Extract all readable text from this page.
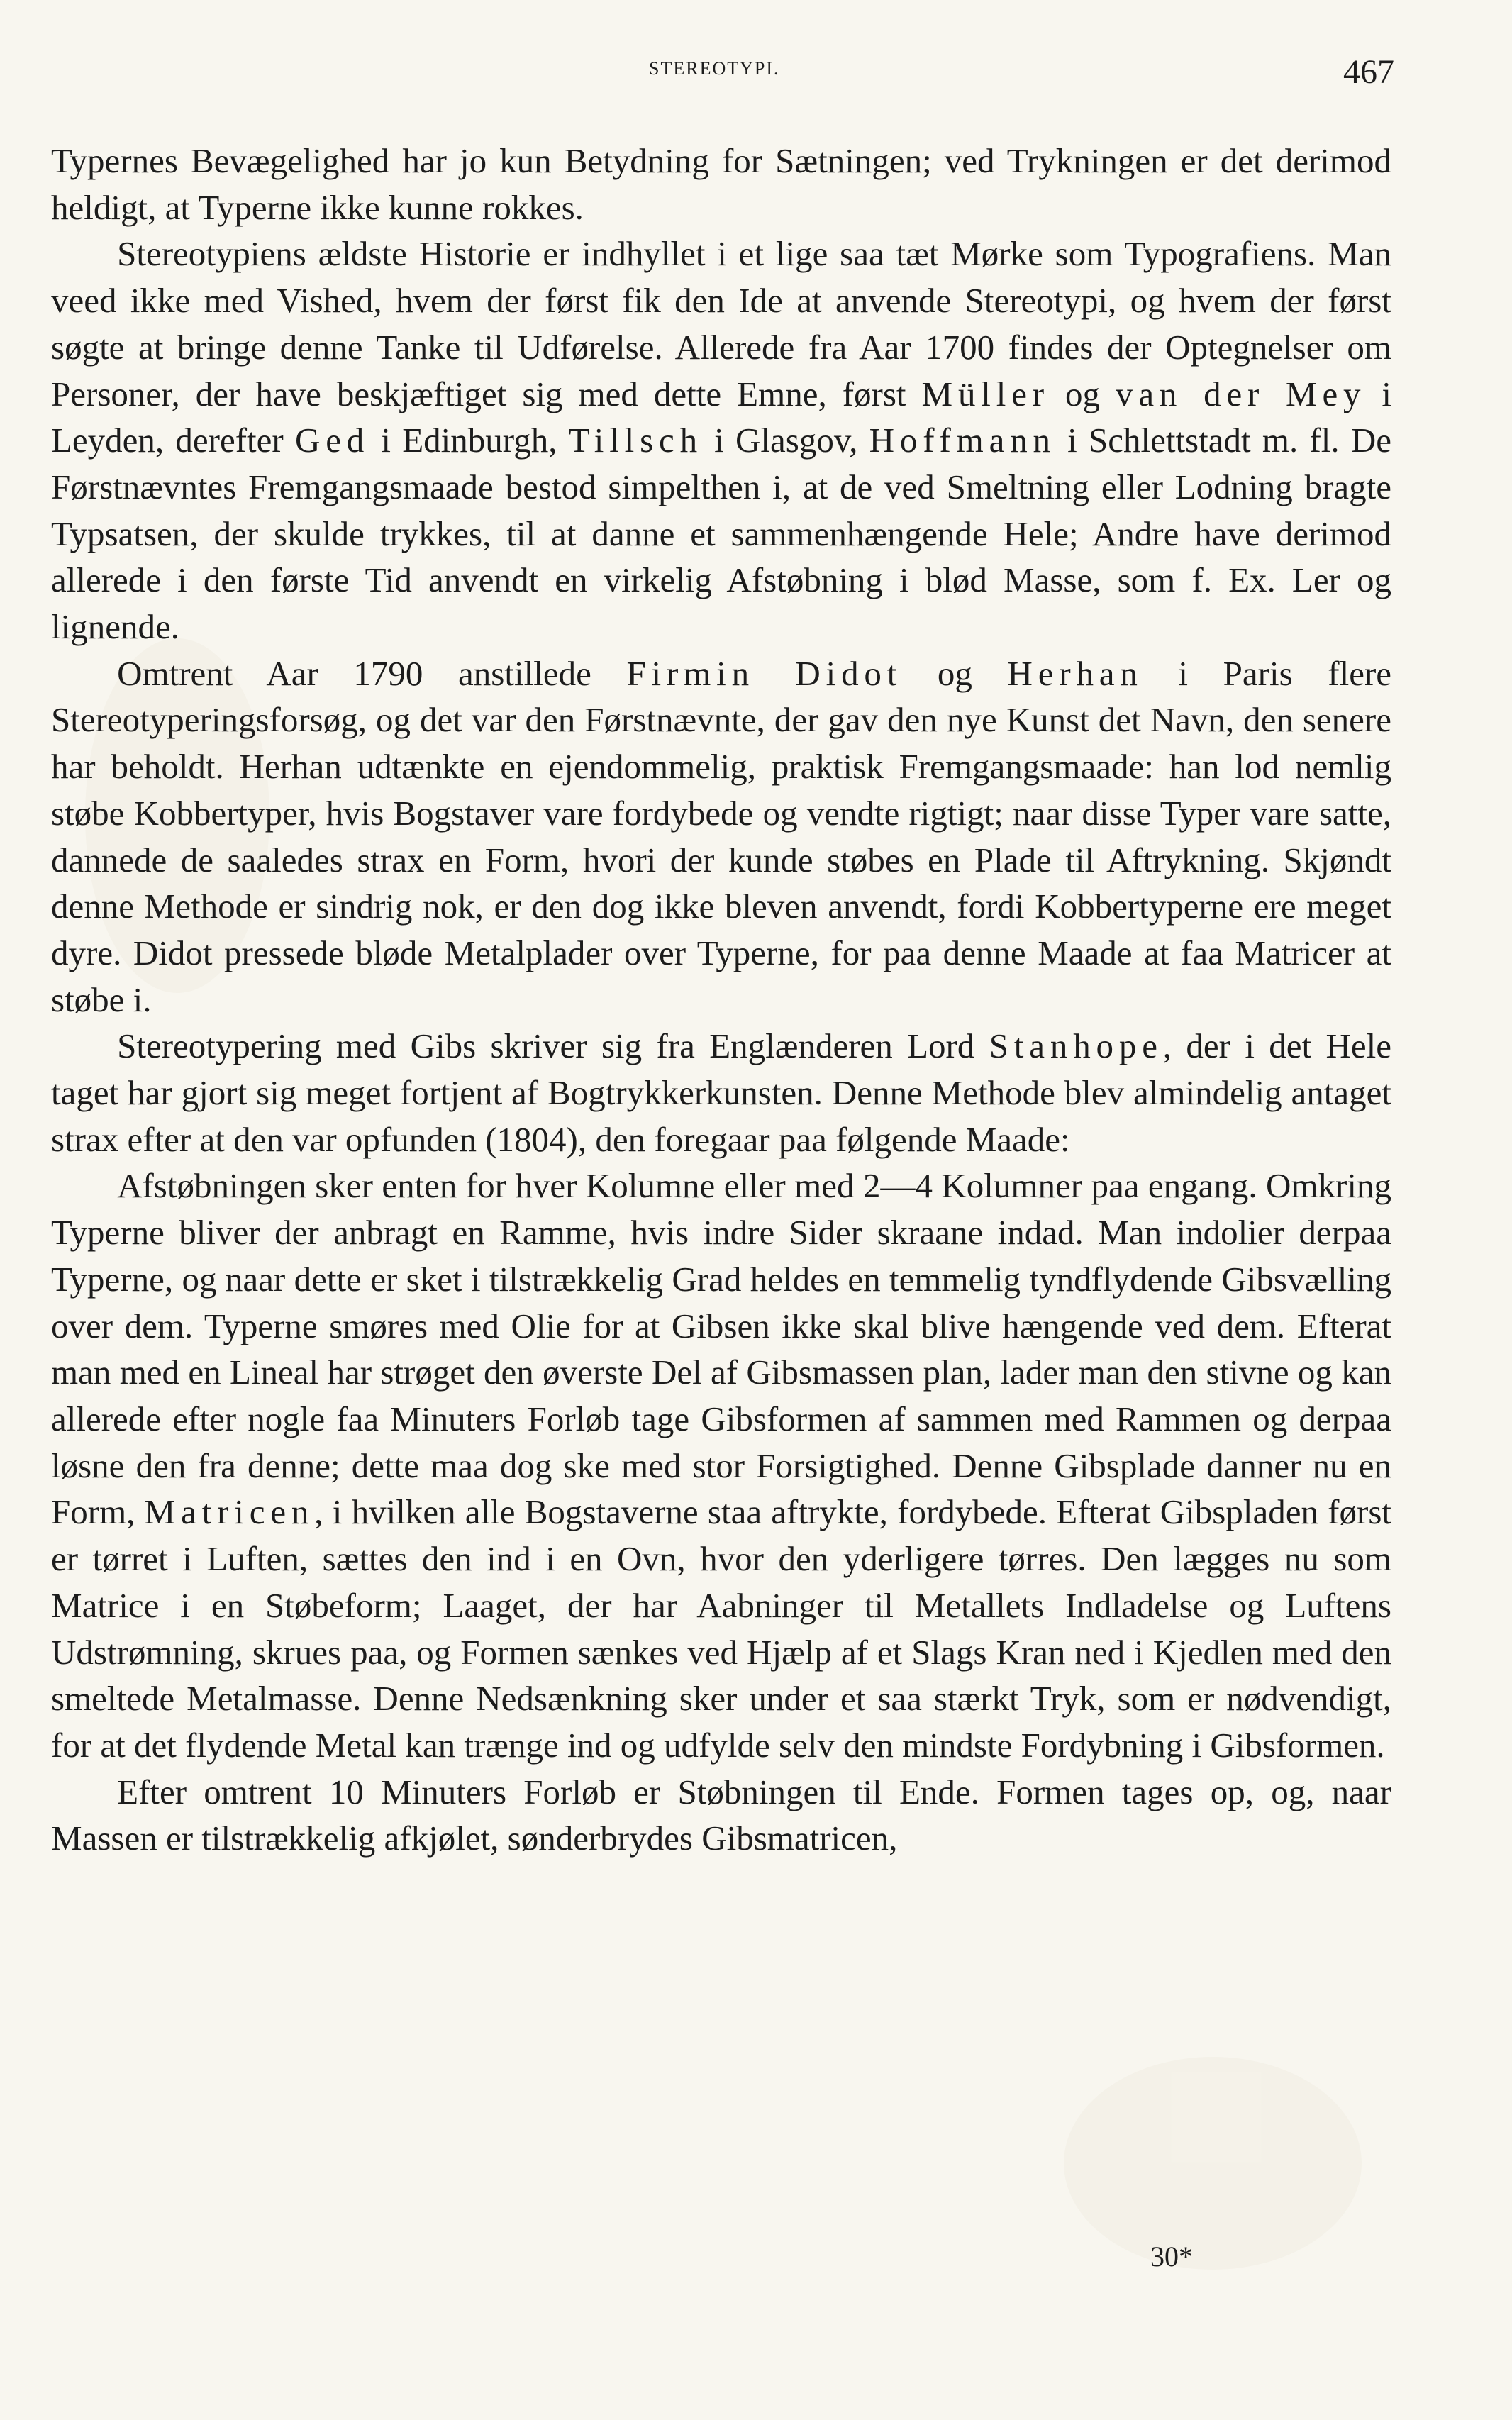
STEREOTYPI.	467

Typernes Bevægelighed har jo kun Betydning for Sætningen; ved Trykningen er det derimod heldigt, at Typerne ikke kunne rokkes.

Stereotypiens ældste Historie er indhyllet i et lige saa tæt Mørke som Typografiens. Man veed ikke med Vished, hvem der først fik den Ide at anvende Stereotypi, og hvem der først søgte at bringe denne Tanke til Udførelse. Allerede fra Aar 1700 findes der Optegnelser om Personer, der have beskjæftiget sig med dette Emne, først Müller og van der Mey i Leyden, derefter Ged i Edinburgh, Tillsch i Glasgov, Hoffmann i Schlettstadt m. fl. De Førstnævntes Fremgangsmaade bestod simpelthen i, at de ved Smeltning eller Lodning bragte Typsatsen, der skulde trykkes, til at danne et sammenhængende Hele; Andre have derimod allerede i den første Tid anvendt en virkelig Afstøbning i blød Masse, som f. Ex. Ler og lignende.

Omtrent Aar 1790 anstillede Firmin Didot og Herhan i Paris flere Stereotyperingsforsøg, og det var den Førstnævnte, der gav den nye Kunst det Navn, den senere har beholdt. Herhan udtænkte en ejendommelig, praktisk Fremgangsmaade: han lod nemlig støbe Kobbertyper, hvis Bogstaver vare fordybede og vendte rigtigt; naar disse Typer vare satte, dannede de saaledes strax en Form, hvori der kunde støbes en Plade til Aftrykning. Skjøndt denne Methode er sindrig nok, er den dog ikke bleven anvendt, fordi Kobbertyperne ere meget dyre. Didot pressede bløde Metalplader over Typerne, for paa denne Maade at faa Matricer at støbe i.

Stereotypering med Gibs skriver sig fra Englænderen Lord Stanhope, der i det Hele taget har gjort sig meget fortjent af Bogtrykkerkunsten. Denne Methode blev almindelig antaget strax efter at den var opfunden (1804), den foregaar paa følgende Maade:

Afstøbningen sker enten for hver Kolumne eller med 2—4 Kolumner paa engang. Omkring Typerne bliver der anbragt en Ramme, hvis indre Sider skraane indad. Man indolier derpaa Typerne, og naar dette er sket i tilstrækkelig Grad heldes en temmelig tyndflydende Gibsvælling over dem. Typerne smøres med Olie for at Gibsen ikke skal blive hængende ved dem. Efterat man med en Lineal har strøget den øverste Del af Gibsmassen plan, lader man den stivne og kan allerede efter nogle faa Minuters Forløb tage Gibsformen af sammen med Rammen og derpaa løsne den fra denne; dette maa dog ske med stor Forsigtighed. Denne Gibsplade danner nu en Form, Matricen, i hvilken alle Bogstaverne staa aftrykte, fordybede. Efterat Gibspladen først er tørret i Luften, sættes den ind i en Ovn, hvor den yderligere tørres. Den lægges nu som Matrice i en Støbeform; Laaget, der har Aabninger til Metallets Indladelse og Luftens Udstrømning, skrues paa, og Formen sænkes ved Hjælp af et Slags Kran ned i Kjedlen med den smeltede Metalmasse. Denne Nedsænkning sker under et saa stærkt Tryk, som er nødvendigt, for at det flydende Metal kan trænge ind og udfylde selv den mindste Fordybning i Gibsformen.

Efter omtrent 10 Minuters Forløb er Støbningen til Ende. Formen tages op, og, naar Massen er tilstrækkelig afkjølet, sønderbrydes Gibsmatricen,

30*
